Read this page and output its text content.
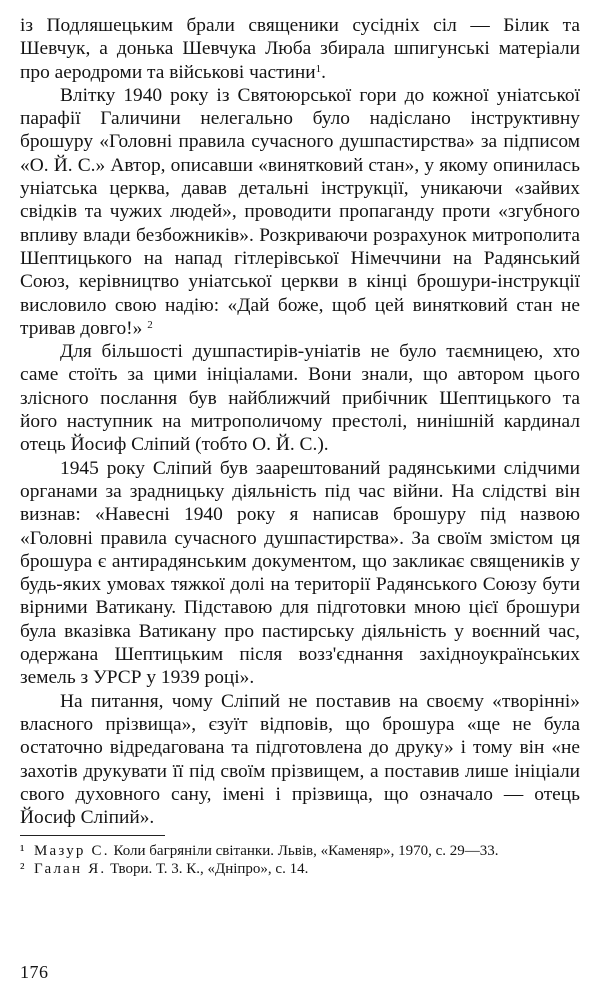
із Подляшецьким брали священики сусідніх сіл — Білик та Шевчук, а донька Шевчука Люба збирала шпигунські матеріали про аеродроми та військові частини$^1$.

Влітку 1940 року із Святоюрської гори до кожної уніатської парафії Галичини нелегально було надіслано інструктивну брошуру «Головні правила сучасного душпастирства» за підписом «О. Й. С.» Автор, описавши «винятковий стан», у якому опинилась уніатська церква, давав детальні інструкції, уникаючи «зайвих свідків та чужих людей», проводити пропаганду проти «згубного впливу влади безбожників». Розкриваючи розрахунок митрополита Шептицького на напад гітлерівської Німеччини на Радянський Союз, керівництво уніатської церкви в кінці брошури-інструкції висловило свою надію: «Дай боже, щоб цей винятковий стан не тривав довго!» $^2$

Для більшості душпастирів-уніатів не було таємницею, хто саме стоїть за цими ініціалами. Вони знали, що автором цього злісного послання був найближчий прибічник Шептицького та його наступник на митрополичому престолі, нинішній кардинал отець Йосиф Сліпий (тобто О. Й. С.).

1945 року Сліпий був заарештований радянськими слідчими органами за зрадницьку діяльність під час війни. На слідстві він визнав: «Навесні 1940 року я написав брошуру під назвою «Головні правила сучасного душпастирства». За своїм змістом ця брошура є антирадянським документом, що закликає священиків у будь-яких умовах тяжкої долі на території Радянського Союзу бути вірними Ватикану. Підставою для підготовки мною цієї брошури була вказівка Ватикану про пастирську діяльність у воєнний час, одержана Шептицьким після возз'єднання західноукраїнських земель з УРСР у 1939 році».

На питання, чому Сліпий не поставив на своєму «творінні» власного прізвища», єзуїт відповів, що брошура «ще не була остаточно відредагована та підготовлена до друку» і тому він «не захотів друкувати її під своїм прізвищем, а поставив лише ініціали свого духовного сану, імені і прізвища, що означало — отець Йосиф Сліпий».

¹ Мазур С. Коли багряніли світанки. Львів, «Каменяр», 1970, с. 29—33.

² Галан Я. Твори. Т. 3. К., «Дніпро», с. 14.

176
